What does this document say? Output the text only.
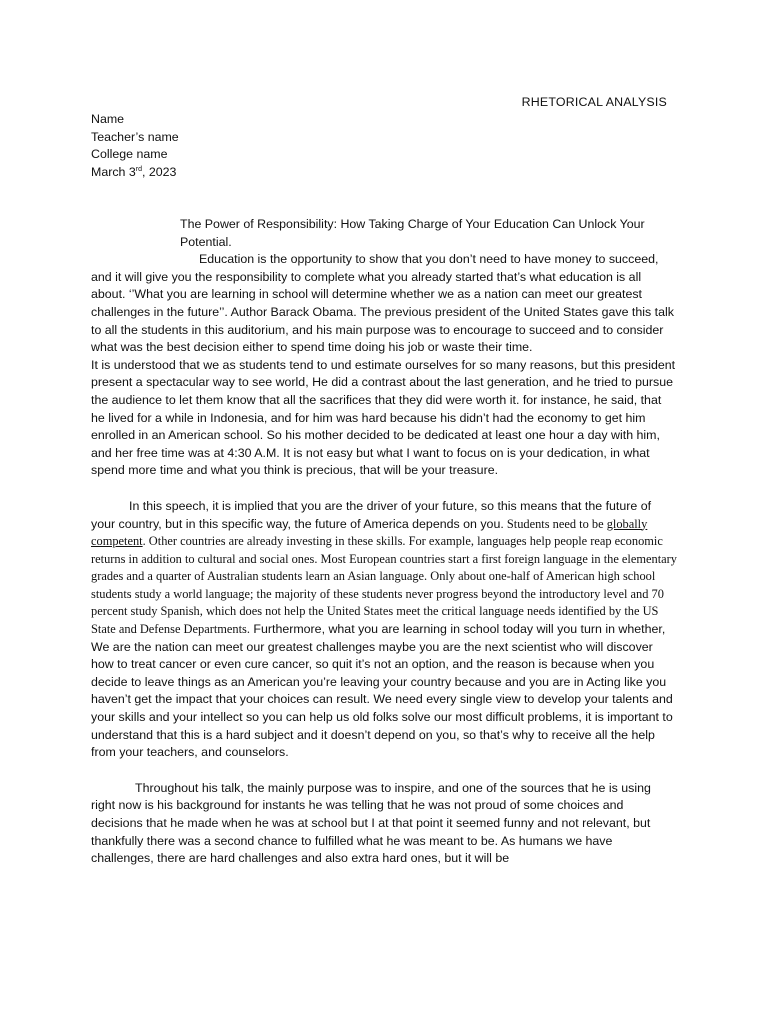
RHETORICAL ANALYSIS
Name
Teacher’s name
College name
March 3rd, 2023
The Power of Responsibility: How Taking Charge of Your Education Can Unlock Your Potential.

Education is the opportunity to show that you don’t need to have money to succeed, and it will give you the responsibility to complete what you already started that’s what education is all about. ‘’What you are learning in school will determine whether we as a nation can meet our greatest challenges in the future’’. Author Barack Obama. The previous president of the United States gave this talk to all the students in this auditorium, and his main purpose was to encourage to succeed and to consider what was the best decision either to spend time doing his job or waste their time.

It is understood that we as students tend to und estimate ourselves for so many reasons, but this president present a spectacular way to see world, He did a contrast about the last generation, and he tried to pursue the audience to let them know that all the sacrifices that they did were worth it. for instance, he said, that he lived for a while in Indonesia, and for him was hard because his didn’t had the economy to get him enrolled in an American school. So his mother decided to be dedicated at least one hour a day with him, and her free time was at 4:30 A.M. It is not easy but what I want to focus on is your dedication, in what spend more time and what you think is precious, that will be your treasure.

In this speech, it is implied that you are the driver of your future, so this means that the future of your country, but in this specific way, the future of America depends on you. Students need to be globally competent. Other countries are already investing in these skills. For example, languages help people reap economic returns in addition to cultural and social ones. Most European countries start a first foreign language in the elementary grades and a quarter of Australian students learn an Asian language. Only about one-half of American high school students study a world language; the majority of these students never progress beyond the introductory level and 70 percent study Spanish, which does not help the United States meet the critical language needs identified by the US State and Defense Departments. Furthermore, what you are learning in school today will you turn in whether, We are the nation can meet our greatest challenges maybe you are the next scientist who will discover how to treat cancer or even cure cancer, so quit it’s not an option, and the reason is because when you decide to leave things as an American you’re leaving your country because and you are in Acting like you haven’t get the impact that your choices can result. We need every single view to develop your talents and your skills and your intellect so you can help us old folks solve our most difficult problems, it is important to understand that this is a hard subject and it doesn’t depend on you, so that’s why to receive all the help from your teachers, and counselors.

Throughout his talk, the mainly purpose was to inspire, and one of the sources that he is using right now is his background for instants he was telling that he was not proud of some choices and decisions that he made when he was at school but I at that point it seemed funny and not relevant, but thankfully there was a second chance to fulfilled what he was meant to be. As humans we have challenges, there are hard challenges and also extra hard ones, but it will be
